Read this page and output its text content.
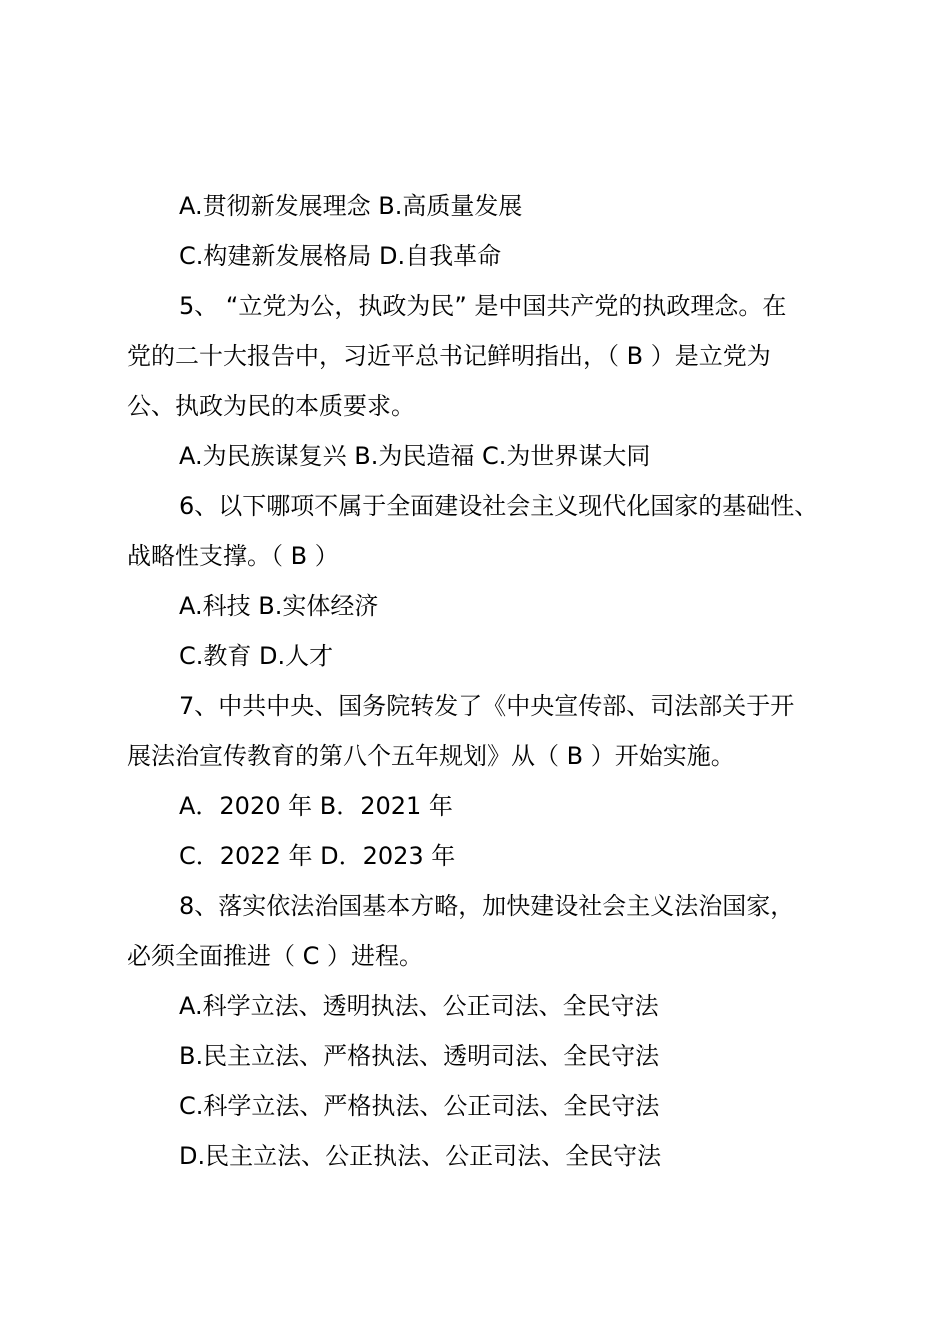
A.贯彻新发展理念 B.高质量发展
C.构建新发展格局 D.自我革命
5、 “立党为公，执政为民” 是中国共产党的执政理念。在
党的二十大报告中，习近平总书记鲜明指出，（ B ）是立党为
公、执政为民的本质要求。
A.为民族谋复兴 B.为民造福 C.为世界谋大同
6、以下哪项不属于全面建设社会主义现代化国家的基础性、
战略性支撑。（ B ）
A.科技 B.实体经济
C.教育 D.人才
7、中共中央、国务院转发了《中央宣传部、司法部关于开
展法治宣传教育的第八个五年规划》从（ B ）开始实施。
A．2020 年 B．2021 年
C．2022 年 D．2023 年
8、落实依法治国基本方略，加快建设社会主义法治国家，
必须全面推进（ C ）进程。
A.科学立法、透明执法、公正司法、全民守法
B.民主立法、严格执法、透明司法、全民守法
C.科学立法、严格执法、公正司法、全民守法
D.民主立法、公正执法、公正司法、全民守法
